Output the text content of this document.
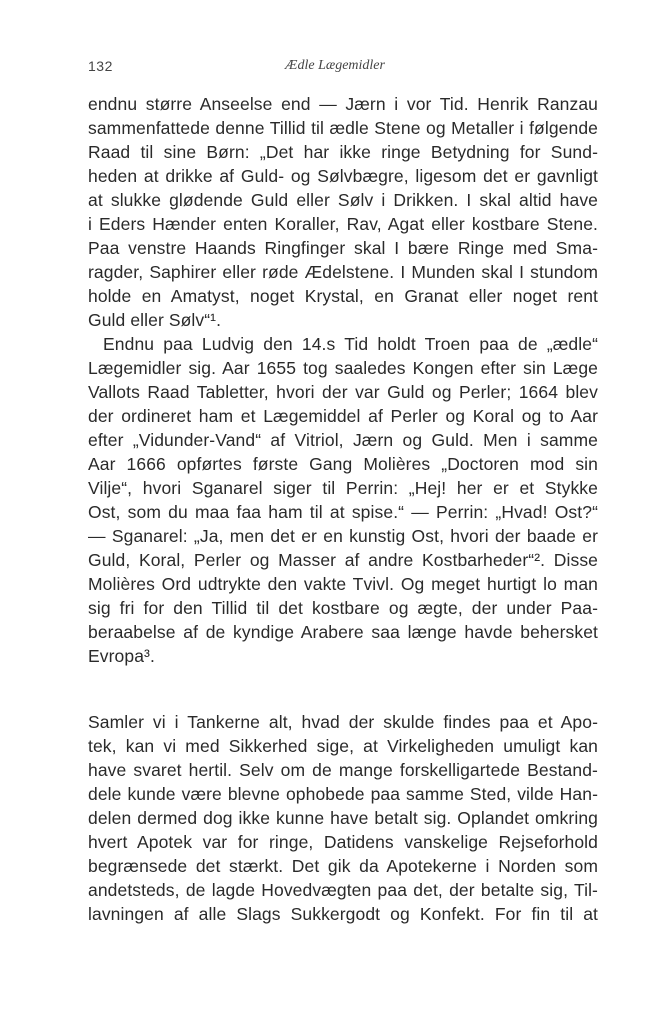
132	Ædle Lægemidler
endnu større Anseelse end — Jærn i vor Tid. Henrik Ranzau
sammenfattede denne Tillid til ædle Stene og Metaller i følgende
Raad til sine Børn: „Det har ikke ringe Betydning for Sund-
heden at drikke af Guld- og Sølvbægre, ligesom det er gavnligt
at slukke glødende Guld eller Sølv i Drikken. I skal altid have
i Eders Hænder enten Koraller, Rav, Agat eller kostbare Stene.
Paa venstre Haands Ringfinger skal I bære Ringe med Sma-
ragder, Saphirer eller røde Ædelstene. I Munden skal I stundom
holde en Amatyst, noget Krystal, en Granat eller noget rent
Guld eller Sølv“¹.
Endnu paa Ludvig den 14.s Tid holdt Troen paa de „ædle“
Lægemidler sig. Aar 1655 tog saaledes Kongen efter sin Læge
Vallots Raad Tabletter, hvori der var Guld og Perler; 1664 blev
der ordineret ham et Lægemiddel af Perler og Koral og to Aar
efter „Vidunder-Vand“ af Vitriol, Jærn og Guld. Men i samme
Aar 1666 opførtes første Gang Molières „Doctoren mod sin
Vilje“, hvori Sganarel siger til Perrin: „Hej! her er et Stykke
Ost, som du maa faa ham til at spise.“ — Perrin: „Hvad! Ost?“
— Sganarel: „Ja, men det er en kunstig Ost, hvori der baade er
Guld, Koral, Perler og Masser af andre Kostbarheder“². Disse
Molières Ord udtrykte den vakte Tvivl. Og meget hurtigt lo man
sig fri for den Tillid til det kostbare og ægte, der under Paa-
beraabelse af de kyndige Arabere saa længe havde behersket
Evropa³.
Samler vi i Tankerne alt, hvad der skulde findes paa et Apo-
tek, kan vi med Sikkerhed sige, at Virkeligheden umuligt kan
have svaret hertil. Selv om de mange forskelligartede Bestand-
dele kunde være blevne ophobede paa samme Sted, vilde Han-
delen dermed dog ikke kunne have betalt sig. Oplandet omkring
hvert Apotek var for ringe, Datidens vanskelige Rejseforhold
begrænsede det stærkt. Det gik da Apotekerne i Norden som
andetsteds, de lagde Hovedvægten paa det, der betalte sig, Til-
lavningen af alle Slags Sukkergodt og Konfekt. For fin til at
